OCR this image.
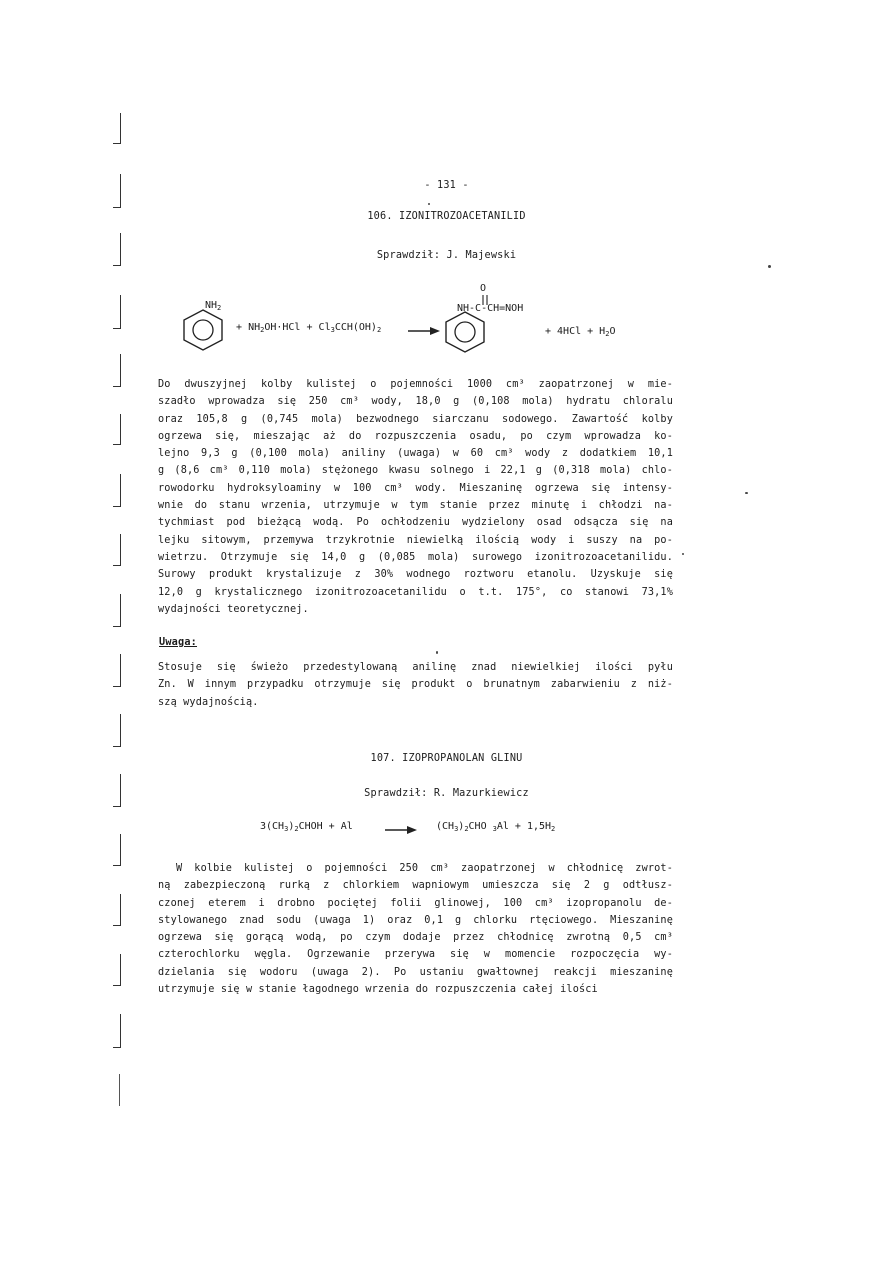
- 131 -
106. IZONITROZOACETANILID
Sprawdził: J. Majewski
$NH_2$
+ $NH_2OH\cdot HCl + Cl_3CCH(OH)_2$
O
NH-C-CH=NOH
+ $4HCl + H_2O$
Do dwuszyjnej kolby kulistej o pojemności 1000 cm³ zaopatrzonej w mie-
szadło wprowadza się 250 cm³ wody, 18,0 g (0,108 mola) hydratu chloralu
oraz 105,8 g (0,745 mola) bezwodnego siarczanu sodowego. Zawartość kolby
ogrzewa się, mieszając aż do rozpuszczenia osadu, po czym wprowadza ko-
lejno 9,3 g (0,100 mola) aniliny (uwaga) w 60 cm³ wody z dodatkiem 10,1
g (8,6 cm³ 0,110 mola) stężonego kwasu solnego i 22,1 g (0,318 mola) chlo-
rowodorku hydroksyloaminy w 100 cm³ wody. Mieszaninę ogrzewa się intensy-
wnie do stanu wrzenia, utrzymuje w tym stanie przez minutę i chłodzi na-
tychmiast pod bieżącą wodą. Po ochłodzeniu wydzielony osad odsącza się na
lejku sitowym, przemywa trzykrotnie niewielką ilością wody i suszy na po-
wietrzu. Otrzymuje się 14,0 g (0,085 mola) surowego izonitrozoacetanilidu.
Surowy produkt krystalizuje z 30% wodnego roztworu etanolu. Uzyskuje się
12,0 g krystalicznego izonitrozoacetanilidu o t.t. 175°, co stanowi 73,1%
wydajności teoretycznej.
Uwaga:
Stosuje się świeżo przedestylowaną anilinę znad niewielkiej ilości pyłu
Zn. W innym przypadku otrzymuje się produkt o brunatnym zabarwieniu z niż-
szą wydajnością.
107. IZOPROPANOLAN GLINU
Sprawdził: R. Mazurkiewicz
$3(CH_3)_2CHOH + Al \to (CH_3)_2CHO$ $_3Al + 1,5H_2$
W kolbie kulistej o pojemności 250 cm³ zaopatrzonej w chłodnicę zwrot-
ną zabezpieczoną rurką z chlorkiem wapniowym umieszcza się 2 g odtłusz-
czonej eterem i drobno pociętej folii glinowej, 100 cm³ izopropanolu de-
stylowanego znad sodu (uwaga 1) oraz 0,1 g chlorku rtęciowego. Mieszaninę
ogrzewa się gorącą wodą, po czym dodaje przez chłodnicę zwrotną 0,5 cm³
czterochlorku węgla. Ogrzewanie przerywa się w momencie rozpoczęcia wy-
dzielania się wodoru (uwaga 2). Po ustaniu gwałtownej reakcji mieszaninę
utrzymuje się w stanie łagodnego wrzenia do rozpuszczenia całej ilości
